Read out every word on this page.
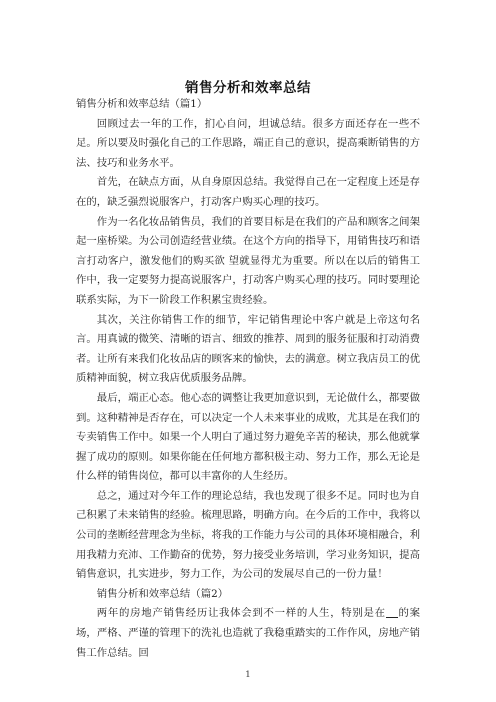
销售分析和效率总结

销售分析和效率总结（篇1）

回顾过去一年的工作，扪心自问，坦诚总结。很多方面还存在一些不足。所以要及时强化自己的工作思路，端正自己的意识，提高乘断销售的方法、技巧和业务水平。

首先，在缺点方面，从自身原因总结。我觉得自己在一定程度上还是存在的，缺乏强烈说服客户，打动客户购买心理的技巧。

作为一名化妆品销售员，我们的首要目标是在我们的产品和顾客之间架起一座桥梁。为公司创造经营业绩。在这个方向的指导下，用销售技巧和语言打动客户，激发他们的购买欲 望就显得尤为重要。所以在以后的销售工作中，我一定要努力提高说服客户，打动客户购买心理的技巧。同时要理论联系实际，为下一阶段工作积累宝贵经验。

其次，关注你销售工作的细节，牢记销售理论中客户就是上帝这句名言。用真诚的微笑、清晰的语言、细致的推荐、周到的服务征服和打动消费者。让所有来我们化妆品店的顾客来的愉快，去的满意。树立我店员工的优质精神面貌，树立我店优质服务品牌。

最后，端正心态。他心态的调整让我更加意识到，无论做什么，都要做到。这种精神是否存在，可以决定一个人未来事业的成败，尤其是在我们的专卖销售工作中。如果一个人明白了通过努力避免辛苦的秘诀，那么他就掌握了成功的原则。如果你能在任何地方都积极主动、努力工作，那么无论是什么样的销售岗位，都可以丰富你的人生经历。

总之，通过对今年工作的理论总结，我也发现了很多不足。同时也为自己积累了未来销售的经验。梳理思路，明确方向。在今后的工作中，我将以公司的垄断经营理念为坐标，将我的工作能力与公司的具体环境相融合，利用我精力充沛、工作勤奋的优势，努力接受业务培训，学习业务知识，提高销售意识，扎实进步，努力工作，为公司的发展尽自己的一份力量！

销售分析和效率总结（篇2）

两年的房地产销售经历让我体会到不一样的人生，特别是在 的案场，严格、严谨的管理下的洗礼也造就了我稳重踏实的工作作风，房地产销售工作总结。回

1
